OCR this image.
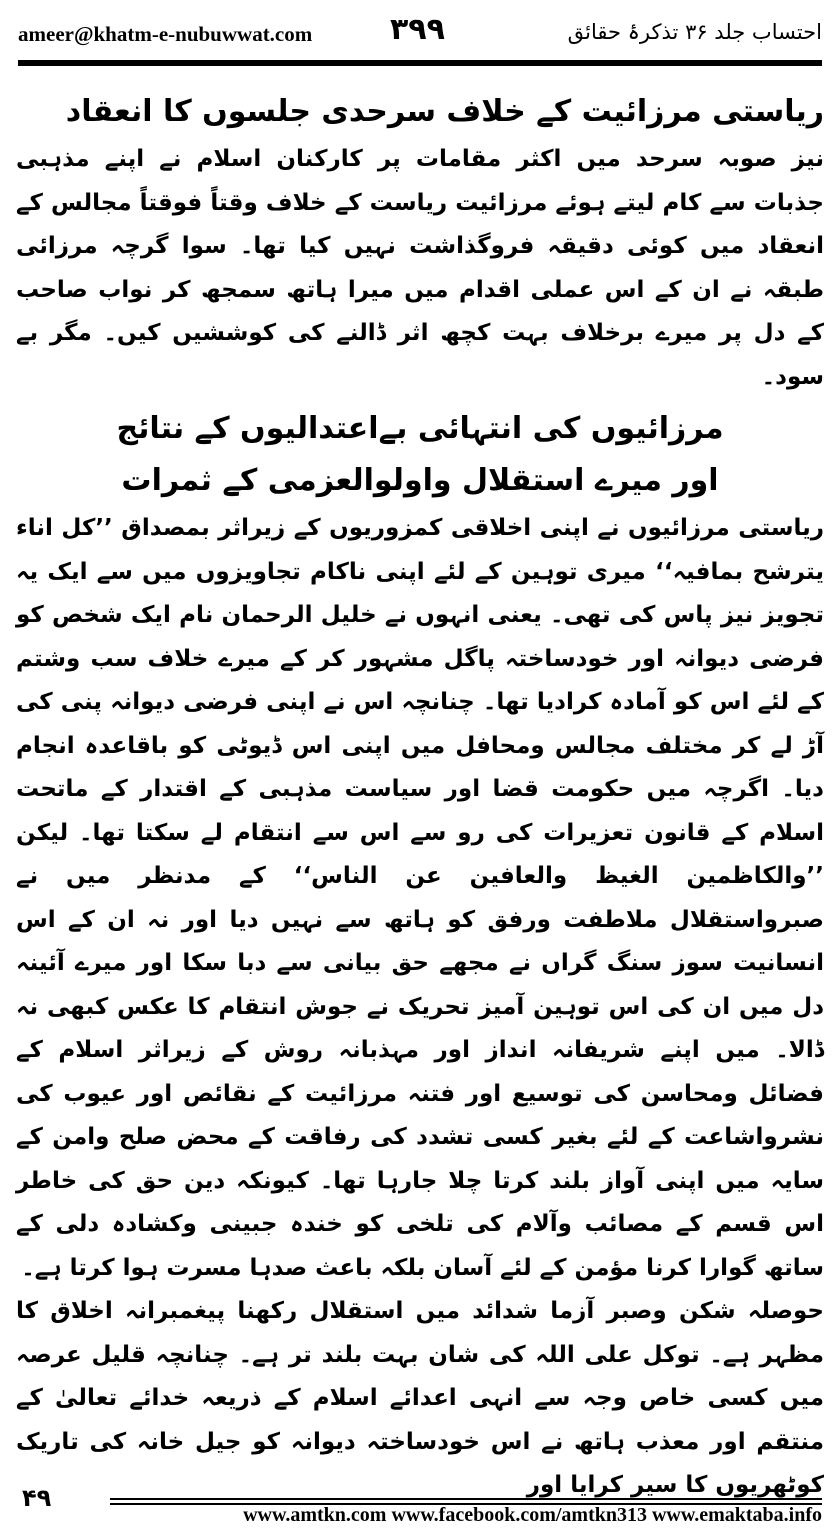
ameer@khatm-e-nubuwwat.com	۳۹۹	احتساب جلد ۳۶ تذکرۂ حقائق
ریاستی مرزائیت کے خلاف سرحدی جلسوں کا انعقاد

نیز صوبہ سرحد میں اکثر مقامات پر کارکنان اسلام نے اپنے مذہبی جذبات سے کام لیتے ہوئے مرزائیت ریاست کے خلاف وقتاً فوقتاً مجالس کے انعقاد میں کوئی دقیقہ فروگذاشت نہیں کیا تھا۔ سوا گرچہ مرزائی طبقہ نے ان کے اس عملی اقدام میں میرا ہاتھ سمجھ کر نواب صاحب کے دل پر میرے برخلاف بہت کچھ اثر ڈالنے کی کوششیں کیں۔ مگر بے سود۔

مرزائیوں کی انتہائی بےاعتدالیوں کے نتائج
اور میرے استقلال واولوالعزمی کے ثمرات

ریاستی مرزائیوں نے اپنی اخلاقی کمزوریوں کے زیراثر بمصداق ’’کل اناء یترشح بمافیہ‘‘ میری توہین کے لئے اپنی ناکام تجاویزوں میں سے ایک یہ تجویز نیز پاس کی تھی۔ یعنی انہوں نے خلیل الرحمان نام ایک شخص کو فرضی دیوانہ اور خودساختہ پاگل مشہور کر کے میرے خلاف سب وشتم کے لئے اس کو آمادہ کرادیا تھا۔ چنانچہ اس نے اپنی فرضی دیوانہ پنی کی آڑ لے کر مختلف مجالس ومحافل میں اپنی اس ڈیوٹی کو باقاعدہ انجام دیا۔ اگرچہ میں حکومت قضا اور سیاست مذہبی کے اقتدار کے ماتحت اسلام کے قانون تعزیرات کی رو سے اس سے انتقام لے سکتا تھا۔ لیکن ’’والکاظمین الغیظ والعافین عن الناس‘‘ کے مدنظر میں نے صبرواستقلال ملاطفت ورفق کو ہاتھ سے نہیں دیا اور نہ ان کے اس انسانیت سوز سنگ گراں نے مجھے حق بیانی سے دبا سکا اور میرے آئینہ دل میں ان کی اس توہین آمیز تحریک نے جوش انتقام کا عکس کبھی نہ ڈالا۔ میں اپنے شریفانہ انداز اور مہذبانہ روش کے زیراثر اسلام کے فضائل ومحاسن کی توسیع اور فتنہ مرزائیت کے نقائص اور عیوب کی نشرواشاعت کے لئے بغیر کسی تشدد کی رفاقت کے محض صلح وامن کے سایہ میں اپنی آواز بلند کرتا چلا جارہا تھا۔ کیونکہ دین حق کی خاطر اس قسم کے مصائب وآلام کی تلخی کو خندہ جبینی وکشادہ دلی کے ساتھ گوارا کرنا مؤمن کے لئے آسان بلکہ باعث صدہا مسرت ہوا کرتا ہے۔

حوصلہ شکن وصبر آزما شدائد میں استقلال رکھنا پیغمبرانہ اخلاق کا مظہر ہے۔ توکل علی اللہ کی شان بہت بلند تر ہے۔ چنانچہ قلیل عرصہ میں کسی خاص وجہ سے انہی اعدائے اسلام کے ذریعہ خدائے تعالیٰ کے منتقم اور معذب ہاتھ نے اس خودساختہ دیوانہ کو جیل خانہ کی تاریک کوٹھریوں کا سیر کرایا اور

۴۹
www.amtkn.com www.facebook.com/amtkn313 www.emaktaba.info
